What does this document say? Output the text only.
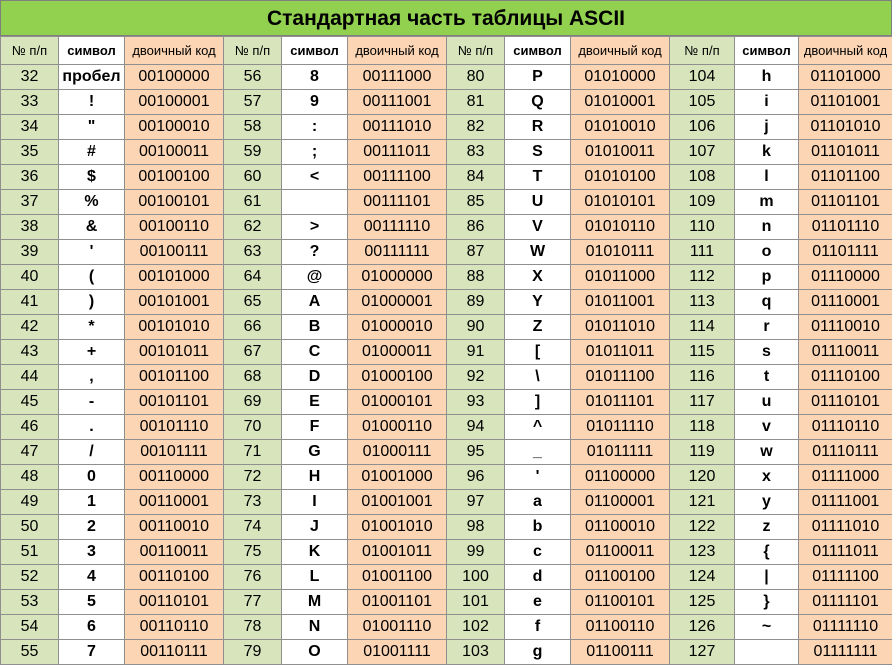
Стандартная часть таблицы ASCII
№ п/п	символ	двоичный код	№ п/п	символ	двоичный код	№ п/п	символ	двоичный код	№ п/п	символ	двоичный код
32	пробел	00100000	56	8	00111000	80	P	01010000	104	h	01101000
33	!	00100001	57	9	00111001	81	Q	01010001	105	i	01101001
34	"	00100010	58	:	00111010	82	R	01010010	106	j	01101010
35	#	00100011	59	;	00111011	83	S	01010011	107	k	01101011
36	$	00100100	60	<	00111100	84	T	01010100	108	l	01101100
37	%	00100101	61		00111101	85	U	01010101	109	m	01101101
38	&	00100110	62	>	00111110	86	V	01010110	110	n	01101110
39	'	00100111	63	?	00111111	87	W	01010111	111	o	01101111
40	(	00101000	64	@	01000000	88	X	01011000	112	p	01110000
41	)	00101001	65	A	01000001	89	Y	01011001	113	q	01110001
42	*	00101010	66	B	01000010	90	Z	01011010	114	r	01110010
43	+	00101011	67	C	01000011	91	[	01011011	115	s	01110011
44	,	00101100	68	D	01000100	92	\	01011100	116	t	01110100
45	-	00101101	69	E	01000101	93	]	01011101	117	u	01110101
46	.	00101110	70	F	01000110	94	^	01011110	118	v	01110110
47	/	00101111	71	G	01000111	95	_	01011111	119	w	01110111
48	0	00110000	72	H	01001000	96	'	01100000	120	x	01111000
49	1	00110001	73	I	01001001	97	a	01100001	121	y	01111001
50	2	00110010	74	J	01001010	98	b	01100010	122	z	01111010
51	3	00110011	75	K	01001011	99	c	01100011	123	{	01111011
52	4	00110100	76	L	01001100	100	d	01100100	124	|	01111100
53	5	00110101	77	M	01001101	101	e	01100101	125	}	01111101
54	6	00110110	78	N	01001110	102	f	01100110	126	~	01111110
55	7	00110111	79	O	01001111	103	g	01100111	127		01111111
